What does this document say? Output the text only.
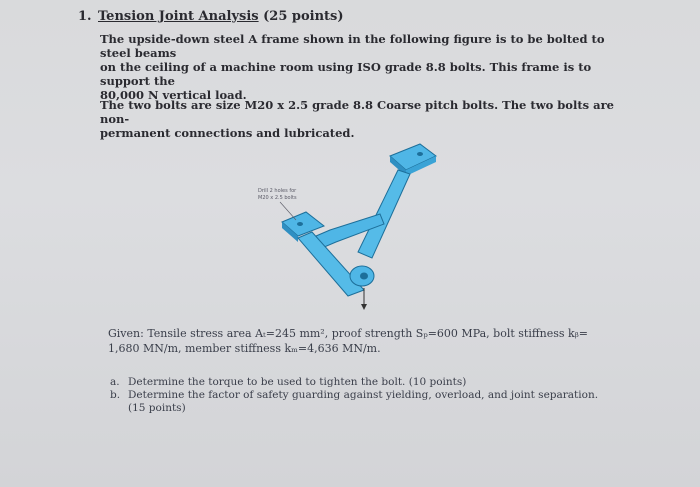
1. Tension Joint Analysis (25 points)
The upside-down steel A frame shown in the following figure is to be bolted to steel beams
on the ceiling of a machine room using ISO grade 8.8 bolts. This frame is to support the
80,000 N vertical load.
The two bolts are size M20 x 2.5 grade 8.8 Coarse pitch bolts. The two bolts are non-
permanent connections and lubricated.
Drill 2 holes for
M20 x 2.5 bolts
Given: Tensile stress area Aₜ=245 mm², proof strength Sₚ=600 MPa, bolt stiffness kᵦ=
1,680 MN/m, member stiffness kₘ=4,636 MN/m.
a. Determine the torque to be used to tighten the bolt. (10 points)
b. Determine the factor of safety guarding against yielding, overload, and joint separation.
(15 points)
